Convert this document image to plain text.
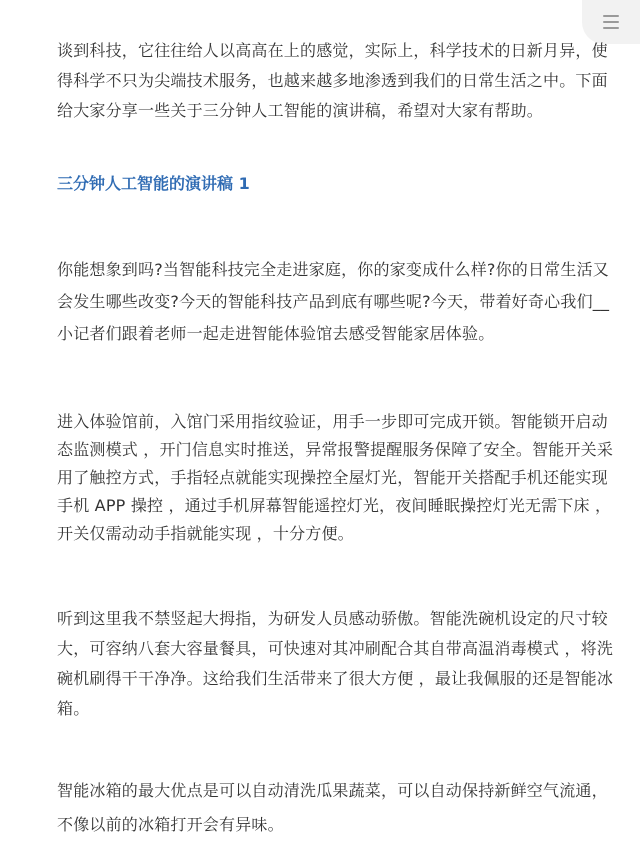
谈到科技，它往往给人以高高在上的感觉，实际上，科学技术的日新月异，使得科学不只为尖端技术服务，也越来越多地渗透到我们的日常生活之中。下面给大家分享一些关于三分钟人工智能的演讲稿，希望对大家有帮助。

三分钟人工智能的演讲稿 1

你能想象到吗?当智能科技完全走进家庭，你的家变成什么样?你的日常生活又会发生哪些改变?今天的智能科技产品到底有哪些呢?今天，带着好奇心我们__小记者们跟着老师一起走进智能体验馆去感受智能家居体验。

进入体验馆前，入馆门采用指纹验证，用手一步即可完成开锁。智能锁开启动态监测模式 ，开门信息实时推送，异常报警提醒服务保障了安全。智能开关采用了触控方式，手指轻点就能实现操控全屋灯光，智能开关搭配手机还能实现手机 APP 操控 ，通过手机屏幕智能遥控灯光，夜间睡眠操控灯光无需下床 ，开关仅需动动手指就能实现 ，十分方便。

听到这里我不禁竖起大拇指，为研发人员感动骄傲。智能洗碗机设定的尺寸较大，可容纳八套大容量餐具，可快速对其冲刷配合其自带高温消毒模式 ，将洗碗机刷得干干净净。这给我们生活带来了很大方便 ，最让我佩服的还是智能冰箱。

智能冰箱的最大优点是可以自动清洗瓜果蔬菜，可以自动保持新鲜空气流通，不像以前的冰箱打开会有异味。
